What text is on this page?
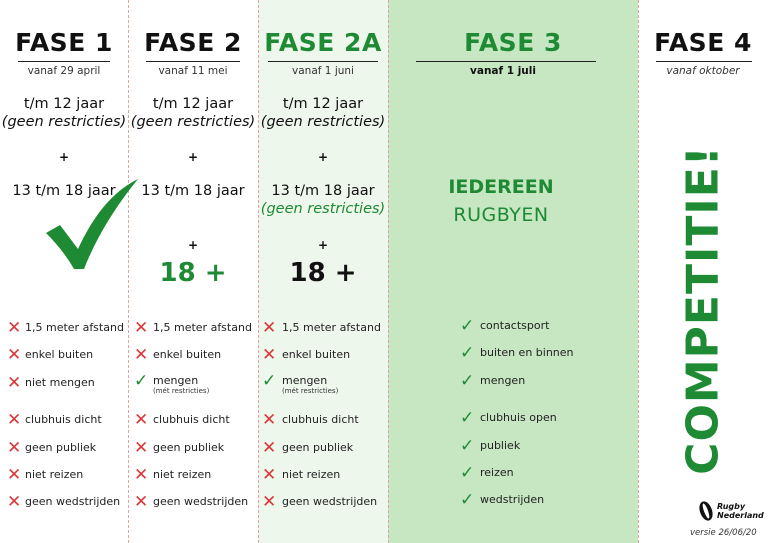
FASE 1
vanaf 29 april
t/m 12 jaar
(geen restricties)
+
13 t/m 18 jaar
✕ 1,5 meter afstand
✕ enkel buiten
✕ niet mengen
✕ clubhuis dicht
✕ geen publiek
✕ niet reizen
✕ geen wedstrijden
FASE 2
vanaf 11 mei
t/m 12 jaar
(geen restricties)
+
13 t/m 18 jaar
+
18 +
✕ 1,5 meter afstand
✕ enkel buiten
✓ mengen
(mét restricties)
✕ clubhuis dicht
✕ geen publiek
✕ niet reizen
✕ geen wedstrijden
FASE 2A
vanaf 1 juni
t/m 12 jaar
(geen restricties)
+
13 t/m 18 jaar
(geen restricties)
+
18 +
✕ 1,5 meter afstand
✕ enkel buiten
✓ mengen
(mét restricties)
✕ clubhuis dicht
✕ geen publiek
✕ niet reizen
✕ geen wedstrijden
FASE 3
vanaf 1 juli
IEDEREEN
RUGBYEN
✓ contactsport
✓ buiten en binnen
✓ mengen
✓ clubhuis open
✓ publiek
✓ reizen
✓ wedstrijden
FASE 4
vanaf oktober
COMPETITIE!
Rugby
Nederland
versie 26/06/20
